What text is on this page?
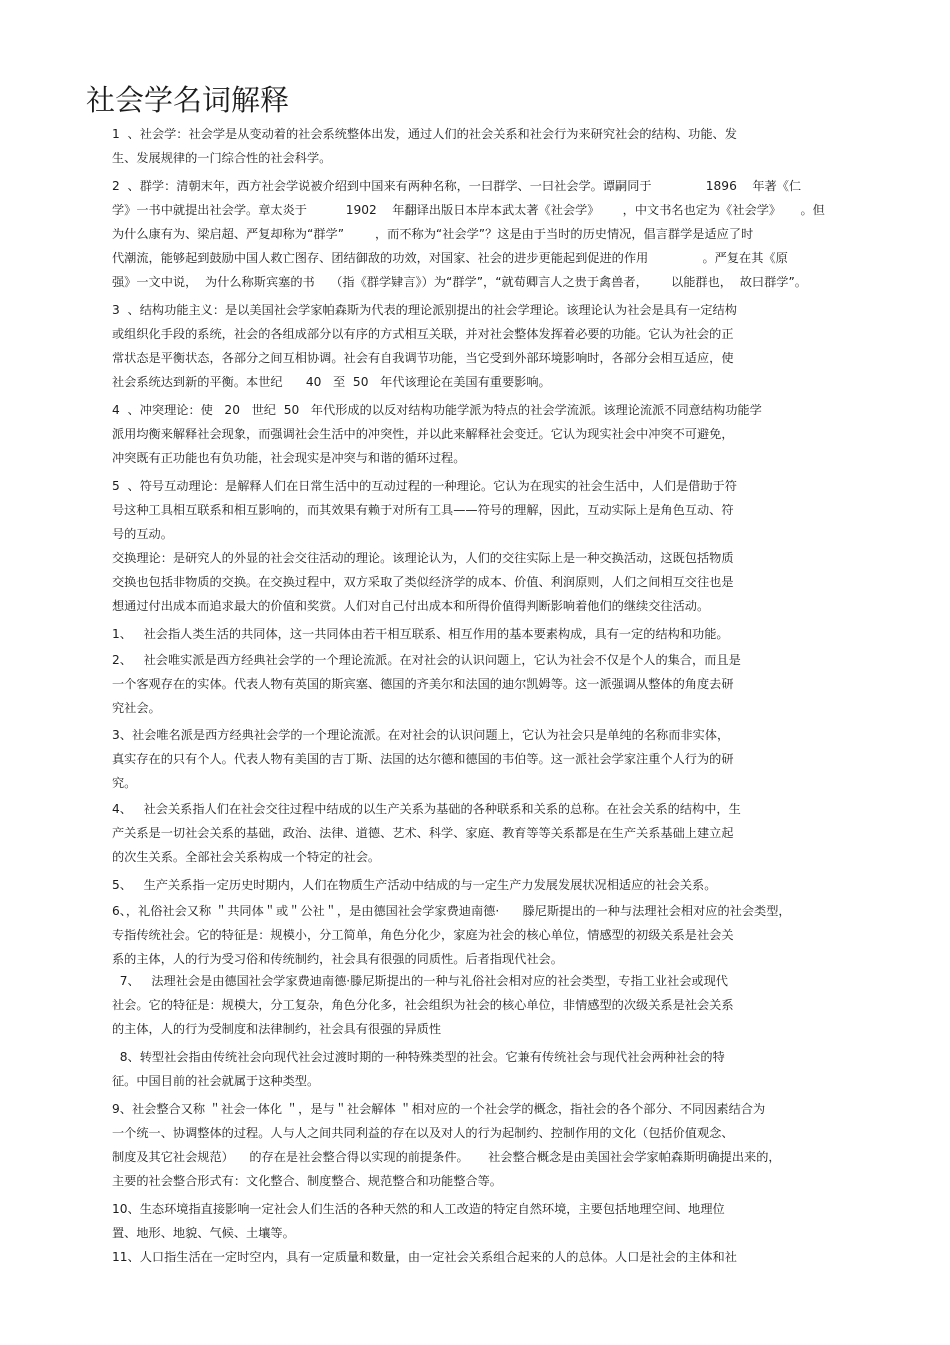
社会学名词解释
1  、社会学：社会学是从变动着的社会系统整体出发，通过人们的社会关系和社会行为来研究社会的结构、功能、发
生、发展规律的一门综合性的社会科学。
2  、群学：清朝末年，西方社会学说被介绍到中国来有两种名称，一曰群学、一曰社会学。谭嗣同于              1896    年著《仁
学》一书中就提出社会学。章太炎于          1902    年翻译出版日本岸本武太著《社会学》      ，中文书名也定为《社会学》     。但
为什么康有为、梁启超、严复却称为“群学”        ，而不称为“社会学”？这是由于当时的历史情况，倡言群学是适应了时
代潮流，能够起到鼓励中国人救亡图存、团结御敌的功效，对国家、社会的进步更能起到促进的作用              。严复在其《原
强》一文中说，  为什么称斯宾塞的书    （指《群学肄言》）为“群学”，“就荀卿言人之贵于禽兽者，      以能群也，  故曰群学”。
3  、结构功能主义：是以美国社会学家帕森斯为代表的理论派别提出的社会学理论。该理论认为社会是具有一定结构
或组织化手段的系统，社会的各组成部分以有序的方式相互关联，并对社会整体发挥着必要的功能。它认为社会的正
常状态是平衡状态，各部分之间互相协调。社会有自我调节功能，当它受到外部环境影响时，各部分会相互适应，使
社会系统达到新的平衡。本世纪      40   至  50   年代该理论在美国有重要影响。
4  、冲突理论：使   20   世纪  50   年代形成的以反对结构功能学派为特点的社会学流派。该理论流派不同意结构功能学
派用均衡来解释社会现象，而强调社会生活中的冲突性，并以此来解释社会变迁。它认为现实社会中冲突不可避免，
冲突既有正功能也有负功能，社会现实是冲突与和谐的循环过程。
5  、符号互动理论：是解释人们在日常生活中的互动过程的一种理论。它认为在现实的社会生活中，人们是借助于符
号这种工具相互联系和相互影响的，而其效果有赖于对所有工具——符号的理解，因此，互动实际上是角色互动、符
号的互动。
交换理论：是研究人的外显的社会交往活动的理论。该理论认为，人们的交往实际上是一种交换活动，这既包括物质
交换也包括非物质的交换。在交换过程中，双方采取了类似经济学的成本、价值、利润原则，人们之间相互交往也是
想通过付出成本而追求最大的价值和奖赏。人们对自己付出成本和所得价值得判断影响着他们的继续交往活动。
1、   社会指人类生活的共同体，这一共同体由若干相互联系、相互作用的基本要素构成，具有一定的结构和功能。
2、   社会唯实派是西方经典社会学的一个理论流派。在对社会的认识问题上，它认为社会不仅是个人的集合，而且是
一个客观存在的实体。代表人物有英国的斯宾塞、德国的齐美尔和法国的迪尔凯姆等。这一派强调从整体的角度去研
究社会。
3、社会唯名派是西方经典社会学的一个理论流派。在对社会的认识问题上，它认为社会只是单纯的名称而非实体，
真实存在的只有个人。代表人物有美国的吉丁斯、法国的达尔德和德国的韦伯等。这一派社会学家注重个人行为的研
究。
4、   社会关系指人们在社会交往过程中结成的以生产关系为基础的各种联系和关系的总称。在社会关系的结构中，生
产关系是一切社会关系的基础，政治、法律、道德、艺术、科学、家庭、教育等等关系都是在生产关系基础上建立起
的次生关系。全部社会关系构成一个特定的社会。
5、   生产关系指一定历史时期内，人们在物质生产活动中结成的与一定生产力发展发展状况相适应的社会关系。
6、，礼俗社会又称 ＂共同体＂或＂公社＂，是由德国社会学家费迪南德·      滕尼斯提出的一种与法理社会相对应的社会类型，
专指传统社会。它的特征是：规模小，分工简单，角色分化少，家庭为社会的核心单位，情感型的初级关系是社会关
系的主体，人的行为受习俗和传统制约，社会具有很强的同质性。后者指现代社会。
7、   法理社会是由德国社会学家费迪南德·滕尼斯提出的一种与礼俗社会相对应的社会类型，专指工业社会或现代
社会。它的特征是：规模大，分工复杂，角色分化多，社会组织为社会的核心单位，非情感型的次级关系是社会关系
的主体，人的行为受制度和法律制约，社会具有很强的异质性
8、转型社会指由传统社会向现代社会过渡时期的一种特殊类型的社会。它兼有传统社会与现代社会两种社会的特
征。中国目前的社会就属于这种类型。
9、社会整合又称 ＂社会一体化 ＂，是与＂社会解体 ＂相对应的一个社会学的概念，指社会的各个部分、不同因素结合为
一个统一、协调整体的过程。人与人之间共同利益的存在以及对人的行为起制约、控制作用的文化（包括价值观念、
制度及其它社会规范）    的存在是社会整合得以实现的前提条件。     社会整合概念是由美国社会学家帕森斯明确提出来的，
主要的社会整合形式有：文化整合、制度整合、规范整合和功能整合等。
10、生态环境指直接影响一定社会人们生活的各种天然的和人工改造的特定自然环境，主要包括地理空间、地理位
置、地形、地貌、气候、土壤等。
11、人口指生活在一定时空内，具有一定质量和数量，由一定社会关系组合起来的人的总体。人口是社会的主体和社
